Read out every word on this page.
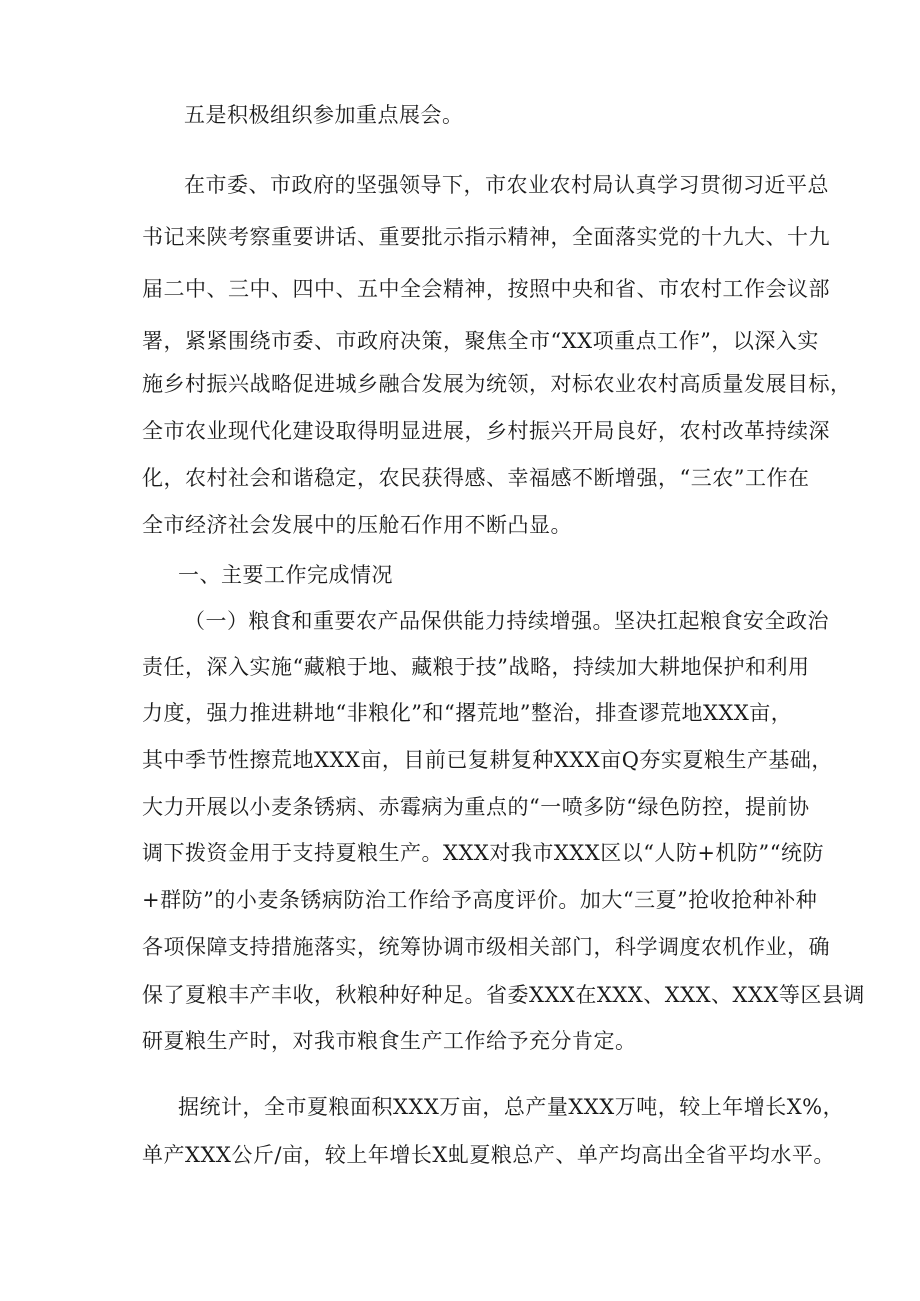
五是积极组织参加重点展会。
在市委、市政府的坚强领导下，市农业农村局认真学习贯彻习近平总
书记来陕考察重要讲话、重要批示指示精神，全面落实党的十九大、十九
届二中、三中、四中、五中全会精神，按照中央和省、市农村工作会议部
署，紧紧围绕市委、市政府决策，聚焦全市“XX项重点工作”，以深入实
施乡村振兴战略促进城乡融合发展为统领，对标农业农村高质量发展目标，
全市农业现代化建设取得明显进展，乡村振兴开局良好，农村改革持续深
化，农村社会和谐稳定，农民获得感、幸福感不断增强，“三农”工作在
全市经济社会发展中的压舱石作用不断凸显。
一、主要工作完成情况
（一）粮食和重要农产品保供能力持续增强。坚决扛起粮食安全政治
责任，深入实施“藏粮于地、藏粮于技”战略，持续加大耕地保护和利用
力度，强力推进耕地“非粮化”和“撂荒地”整治，排查谬荒地XXX亩，
其中季节性擦荒地XXX亩，目前已复耕复种XXX亩Q夯实夏粮生产基础，
大力开展以小麦条锈病、赤霉病为重点的“一喷多防“绿色防控，提前协
调下拨资金用于支持夏粮生产。XXX对我市XXX区以“人防+机防”“统防
+群防”的小麦条锈病防治工作给予高度评价。加大“三夏”抢收抢种补种
各项保障支持措施落实，统筹协调市级相关部门，科学调度农机作业，确
保了夏粮丰产丰收，秋粮种好种足。省委XXX在XXX、XXX、XXX等区县调
研夏粮生产时，对我市粮食生产工作给予充分肯定。
据统计，全市夏粮面积XXX万亩，总产量XXX万吨，较上年增长X%，
单产XXX公斤/亩，较上年增长X虬夏粮总产、单产均高出全省平均水平。
